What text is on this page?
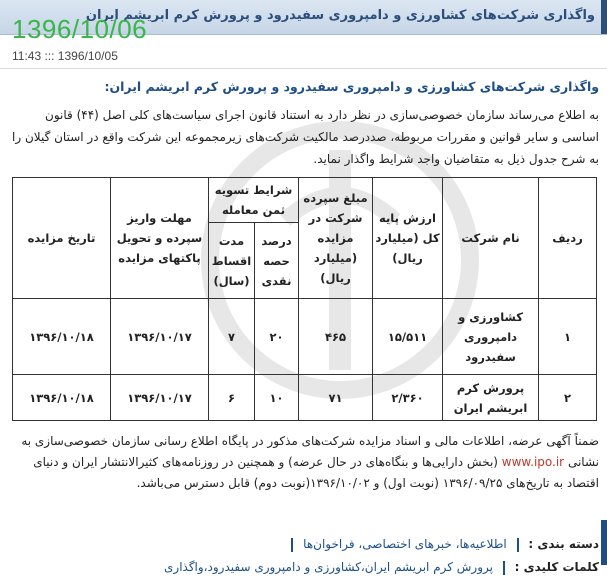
واگذاری شرکت‌های کشاورزی و دامپروری سفیدرود و پرورش کرم ابریشم ایران
1396/10/06
11:43 ::: 1396/10/05
واگذاری شرکت‌های کشاورزی و دامپروری سفیدرود و پرورش کرم ابریشم ایران:
به اطلاع می‌رساند سازمان خصوصی‌سازی در نظر دارد به استناد قانون اجرای سیاست‌های کلی اصل (۴۴) قانون اساسی و سایر قوانین و مقررات مربوطه، صددرصد مالکیت شرکت‌های زیرمجموعه این شرکت واقع در استان گیلان را به شرح جدول ذیل به متقاضیان واجد شرایط واگذار نماید.
ردیف	نام شرکت	ارزش پایه کل (میلیارد ریال)	مبلغ سپرده شرکت در مزایده (میلیارد ریال)	شرایط تسویه ثمن معامله		مهلت واریز سپرده و تحویل پاکتهای مزایده	تاریخ مزایده
				درصد حصه نقدی	مدت اقساط (سال)		
۱	کشاورزی و دامپروری سفیدرود	۱۵/۵۱۱	۴۶۵	۲۰	۷	۱۳۹۶/۱۰/۱۷	۱۳۹۶/۱۰/۱۸
۲	پرورش کرم ابریشم ایران	۲/۳۶۰	۷۱	۱۰	۶	۱۳۹۶/۱۰/۱۷	۱۳۹۶/۱۰/۱۸
ضمناً آگهی عرضه، اطلاعات مالی و اسناد مزایده شرکت‌های مذکور در پایگاه اطلاع رسانی سازمان خصوصی‌سازی به نشانی www.ipo.ir (بخش دارایی‌ها و بنگاه‌های در حال عرضه) و همچنین در روزنامه‌های کثیرالانتشار ایران و دنیای اقتصاد به تاریخ‌های ۱۳۹۶/۰۹/۲۵ (نوبت اول) و ۱۳۹۶/۱۰/۰۲(نوبت دوم) قابل دسترس می‌باشد.
دسته بندی :  اطلاعیه‌ها، خبرهای اختصاصی، فراخوان‌ها
کلمات کلیدی :  پرورش کرم ابریشم ایران،کشاورزی و دامپروری سفیدرود،واگذاری
